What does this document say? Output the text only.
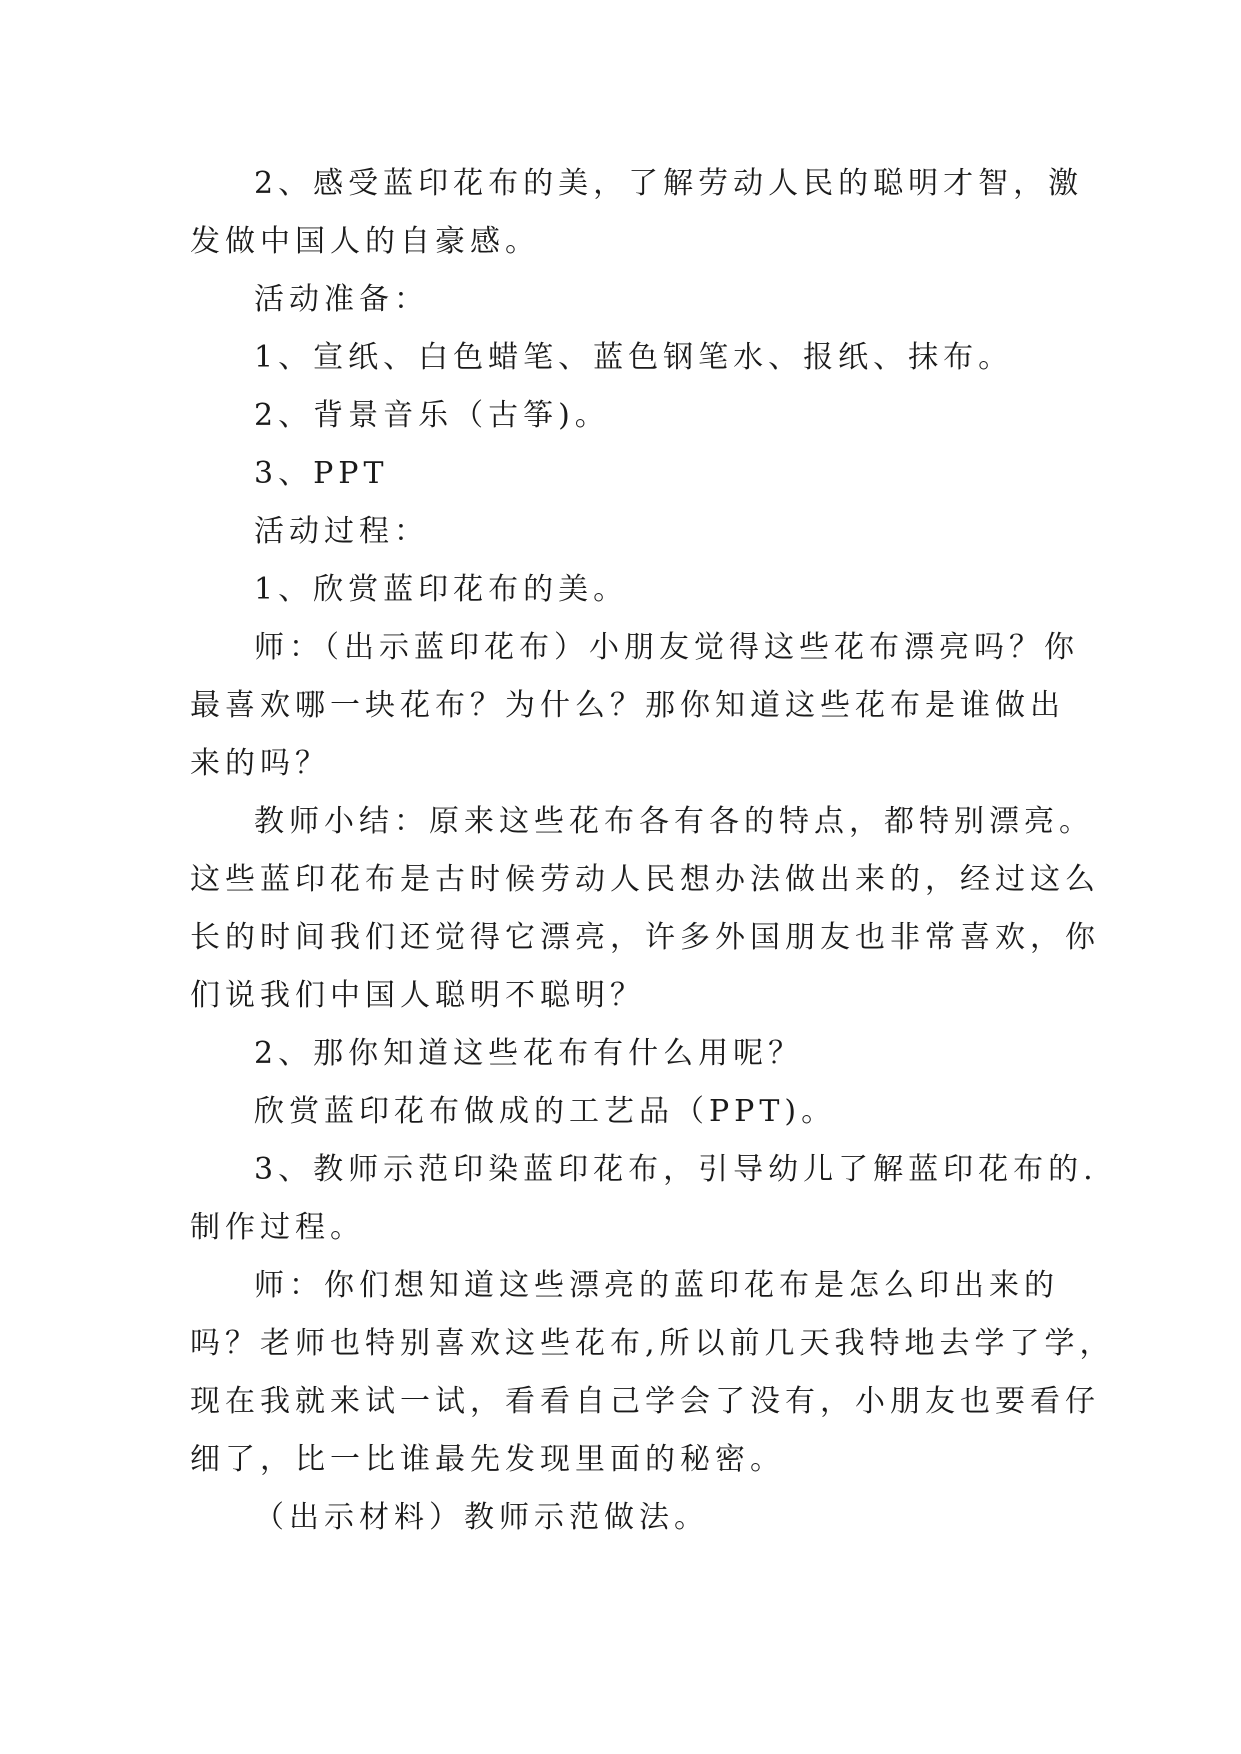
2、感受蓝印花布的美，了解劳动人民的聪明才智，激
发做中国人的自豪感。
活动准备：
1、宣纸、白色蜡笔、蓝色钢笔水、报纸、抹布。
2、背景音乐（古筝)。
3、PPT
活动过程：
1、欣赏蓝印花布的美。
师：（出示蓝印花布）小朋友觉得这些花布漂亮吗？你
最喜欢哪一块花布？为什么？那你知道这些花布是谁做出
来的吗？
教师小结：原来这些花布各有各的特点，都特别漂亮。
这些蓝印花布是古时候劳动人民想办法做出来的，经过这么
长的时间我们还觉得它漂亮，许多外国朋友也非常喜欢，你
们说我们中国人聪明不聪明？
2、那你知道这些花布有什么用呢？
欣赏蓝印花布做成的工艺品（PPT)。
3、教师示范印染蓝印花布，引导幼儿了解蓝印花布的.
制作过程。
师：你们想知道这些漂亮的蓝印花布是怎么印出来的
吗？老师也特别喜欢这些花布,所以前几天我特地去学了学，
现在我就来试一试，看看自己学会了没有，小朋友也要看仔
细了，比一比谁最先发现里面的秘密。
（出示材料）教师示范做法。
